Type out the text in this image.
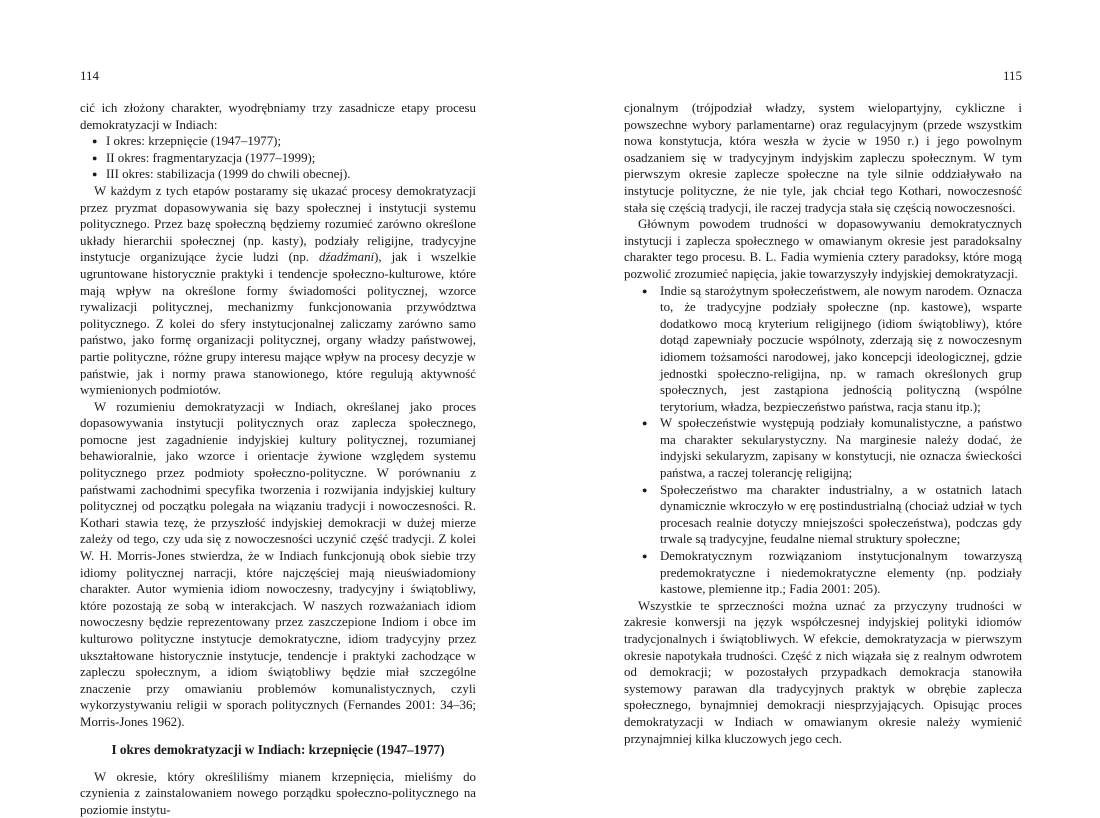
114

cić ich złożony charakter, wyodrębniamy trzy zasadnicze etapy procesu demokratyzacji w Indiach:

● I okres: krzepnięcie (1947–1977);
● II okres: fragmentaryzacja (1977–1999);
● III okres: stabilizacja (1999 do chwili obecnej).

W każdym z tych etapów postaramy się ukazać procesy demokratyzacji przez pryzmat dopasowywania się bazy społecznej i instytucji systemu politycznego. Przez bazę społeczną będziemy rozumieć zarówno określone układy hierarchii społecznej (np. kasty), podziały religijne, tradycyjne instytucje organizujące życie ludzi (np. dźadźmani), jak i wszelkie ugruntowane historycznie praktyki i tendencje społeczno-kulturowe, które mają wpływ na określone formy świadomości politycznej, wzorce rywalizacji politycznej, mechanizmy funkcjonowania przywództwa politycznego. Z kolei do sfery instytucjonalnej zaliczamy zarówno samo państwo, jako formę organizacji politycznej, organy władzy państwowej, partie polityczne, różne grupy interesu mające wpływ na procesy decyzje w państwie, jak i normy prawa stanowionego, które regulują aktywność wymienionych podmiotów.

W rozumieniu demokratyzacji w Indiach, określanej jako proces dopasowywania instytucji politycznych oraz zaplecza społecznego, pomocne jest zagadnienie indyjskiej kultury politycznej, rozumianej behawioralnie, jako wzorce i orientacje żywione względem systemu politycznego przez podmioty społeczno-polityczne. W porównaniu z państwami zachodnimi specyfika tworzenia i rozwijania indyjskiej kultury politycznej od początku polegała na wiązaniu tradycji i nowoczesności. R. Kothari stawia tezę, że przyszłość indyjskiej demokracji w dużej mierze zależy od tego, czy uda się z nowoczesności uczynić część tradycji. Z kolei W. H. Morris-Jones stwierdza, że w Indiach funkcjonują obok siebie trzy idiomy politycznej narracji, które najczęściej mają nieuświadomiony charakter. Autor wymienia idiom nowoczesny, tradycyjny i świątobliwy, które pozostają ze sobą w interakcjach. W naszych rozważaniach idiom nowoczesny będzie reprezentowany przez zaszczepione Indiom i obce im kulturowo polityczne instytucje demokratyczne, idiom tradycyjny przez ukształtowane historycznie instytucje, tendencje i praktyki zachodzące w zapleczu społecznym, a idiom świątobliwy będzie miał szczególne znaczenie przy omawianiu problemów komunalistycznych, czyli wykorzystywaniu religii w sporach politycznych (Fernandes 2001: 34–36; Morris-Jones 1962).

I okres demokratyzacji w Indiach: krzepnięcie (1947–1977)

W okresie, który określiliśmy mianem krzepnięcia, mieliśmy do czynienia z zainstalowaniem nowego porządku społeczno-politycznego na poziomie instytu-

115

cjonalnym (trójpodział władzy, system wielopartyjny, cykliczne i powszechne wybory parlamentarne) oraz regulacyjnym (przede wszystkim nowa konstytucja, która weszła w życie w 1950 r.) i jego powolnym osadzaniem się w tradycyjnym indyjskim zapleczu społecznym. W tym pierwszym okresie zaplecze społeczne na tyle silnie oddziaływało na instytucje polityczne, że nie tyle, jak chciał tego Kothari, nowoczesność stała się częścią tradycji, ile raczej tradycja stała się częścią nowoczesności.

Głównym powodem trudności w dopasowywaniu demokratycznych instytucji i zaplecza społecznego w omawianym okresie jest paradoksalny charakter tego procesu. B. L. Fadia wymienia cztery paradoksy, które mogą pozwolić zrozumieć napięcia, jakie towarzyszyły indyjskiej demokratyzacji.

● Indie są starożytnym społeczeństwem, ale nowym narodem. Oznacza to, że tradycyjne podziały społeczne (np. kastowe), wsparte dodatkowo mocą kryterium religijnego (idiom świątobliwy), które dotąd zapewniały poczucie wspólnoty, zderzają się z nowoczesnym idiomem tożsamości narodowej, jako koncepcji ideologicznej, gdzie jednostki społeczno-religijna, np. w ramach określonych grup społecznych, jest zastąpiona jednością polityczną (wspólne terytorium, władza, bezpieczeństwo państwa, racja stanu itp.);
● W społeczeństwie występują podziały komunalistyczne, a państwo ma charakter sekularystyczny. Na marginesie należy dodać, że indyjski sekularyzm, zapisany w konstytucji, nie oznacza świeckości państwa, a raczej tolerancję religijną;
● Społeczeństwo ma charakter industrialny, a w ostatnich latach dynamicznie wkroczyło w erę postindustrialną (chociaż udział w tych procesach realnie dotyczy mniejszości społeczeństwa), podczas gdy trwale są tradycyjne, feudalne niemal struktury społeczne;
● Demokratycznym rozwiązaniom instytucjonalnym towarzyszą predemokratyczne i niedemokratyczne elementy (np. podziały kastowe, plemienne itp.; Fadia 2001: 205).

Wszystkie te sprzeczności można uznać za przyczyny trudności w zakresie konwersji na język współczesnej indyjskiej polityki idiomów tradycjonalnych i świątobliwych. W efekcie, demokratyzacja w pierwszym okresie napotykała trudności. Część z nich wiązała się z realnym odwrotem od demokracji; w pozostałych przypadkach demokracja stanowiła systemowy parawan dla tradycyjnych praktyk w obrębie zaplecza społecznego, bynajmniej demokracji niesprzyjających. Opisując proces demokratyzacji w Indiach w omawianym okresie należy wymienić przynajmniej kilka kluczowych jego cech.
